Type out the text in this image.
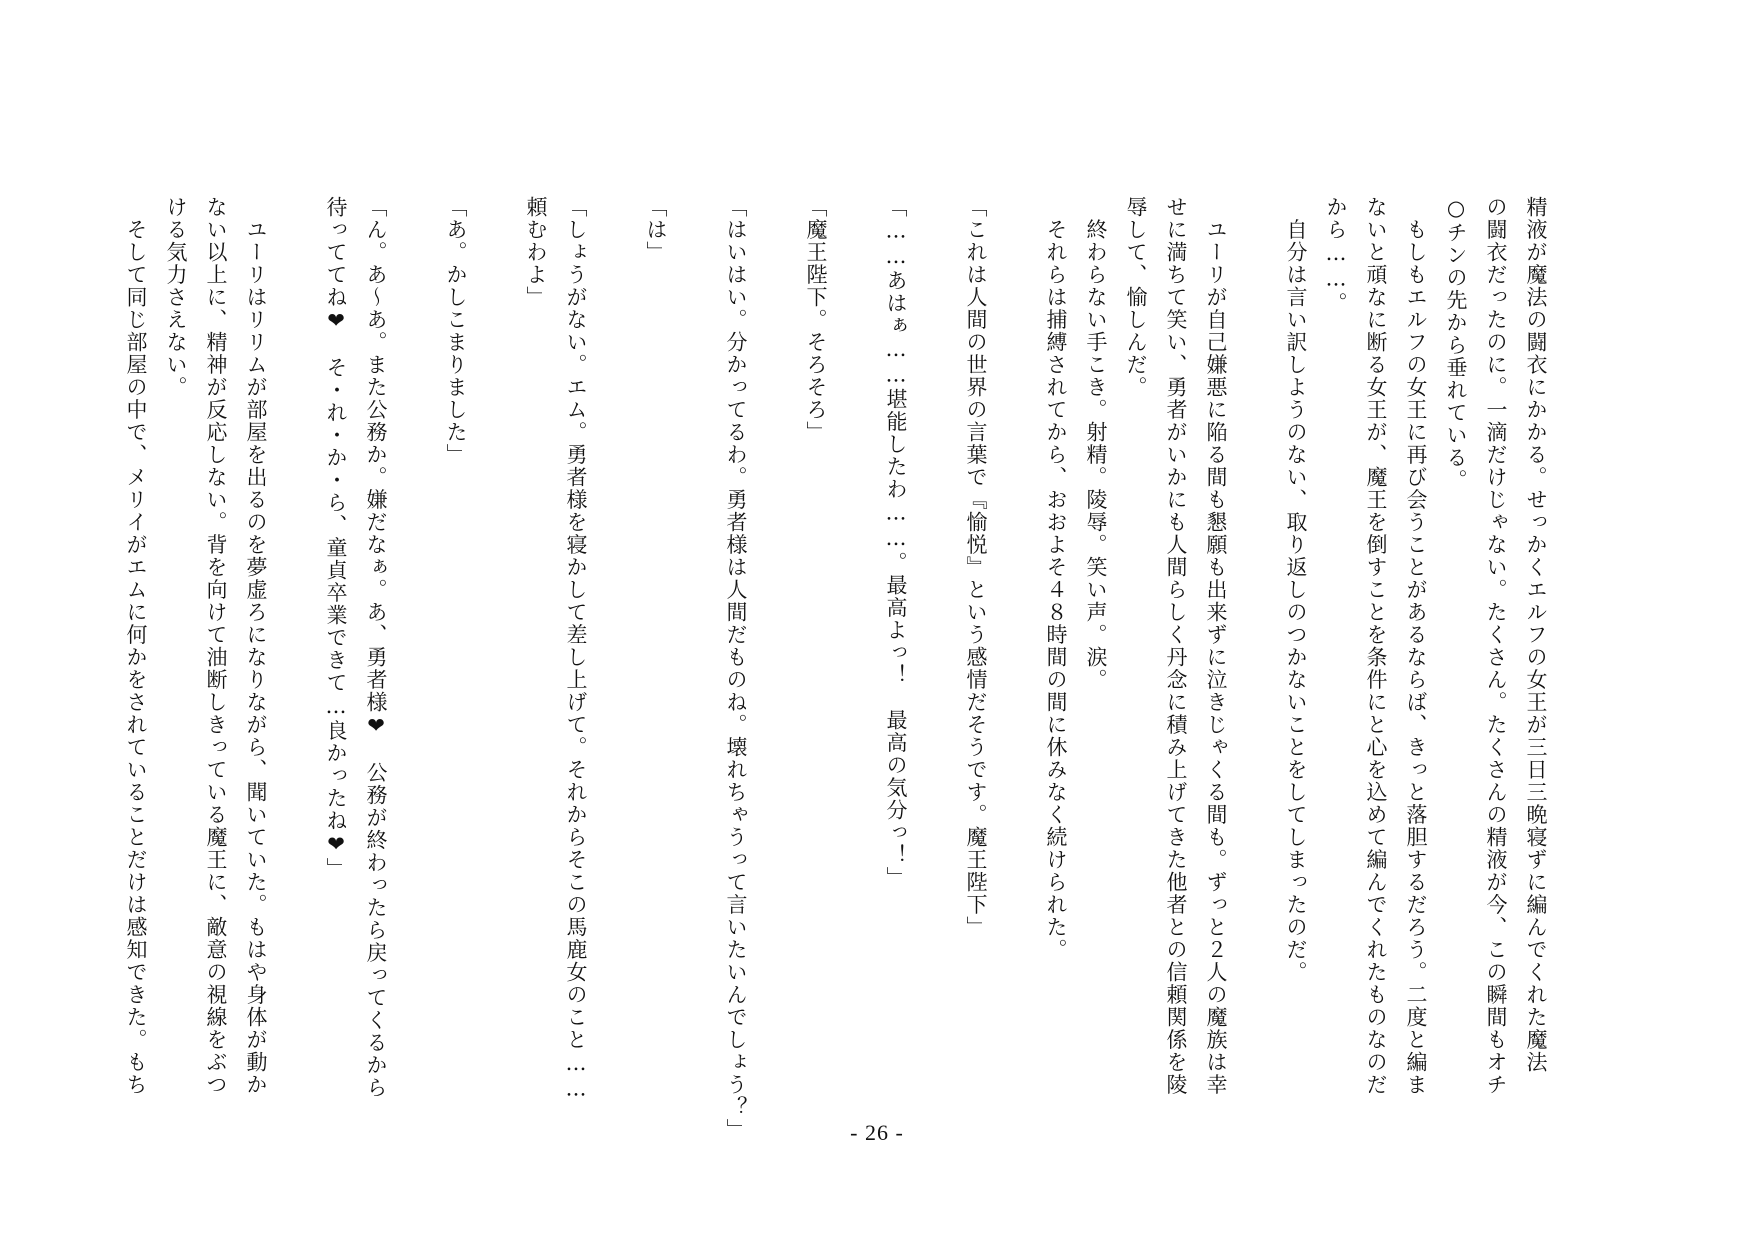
精液が魔法の闘衣にかかる。せっかくエルフの女王が三日三晩寝ずに編んでくれた魔法
の闘衣だったのに。一滴だけじゃない。たくさん。たくさんの精液が今、この瞬間もオチ
○チンの先から垂れている。
　もしもエルフの女王に再び会うことがあるならば、きっと落胆するだろう。二度と編ま
ないと頑なに断る女王が、魔王を倒すことを条件にと心を込めて編んでくれたものなのだ
から……。
　自分は言い訳しようのない、取り返しのつかないことをしてしまったのだ。

　ユーリが自己嫌悪に陥る間も懇願も出来ずに泣きじゃくる間も。ずっと２人の魔族は幸
せに満ちて笑い、勇者がいかにも人間らしく丹念に積み上げてきた他者との信頼関係を陵
辱して、愉しんだ。
　終わらない手こき。射精。陵辱。笑い声。涙。
　それらは捕縛されてから、おおよそ４８時間の間に休みなく続けられた。

「これは人間の世界の言葉で『愉悦』という感情だそうです。魔王陛下」

「……あはぁ……堪能したわ……。最高よっ！　最高の気分っ！」

「魔王陛下。そろそろ」

「はいはい。分かってるわ。勇者様は人間だものね。壊れちゃうって言いたいんでしょう？」

「は」

「しょうがない。エム。勇者様を寝かして差し上げて。それからそこの馬鹿女のこと……
頼むわよ」

「あ。かしこまりました」

「ん。あ～あ。また公務か。嫌だなぁ。あ、勇者様❤　公務が終わったら戻ってくるから
待っててね❤　そ・れ・か・ら、童貞卒業できて…良かったね❤」

　ユーリはリリムが部屋を出るのを夢虚ろになりながら、聞いていた。もはや身体が動か
ない以上に、精神が反応しない。背を向けて油断しきっている魔王に、敵意の視線をぶつ
ける気力さえない。
　そして同じ部屋の中で、メリイがエムに何かをされていることだけは感知できた。もち
- 26 -
